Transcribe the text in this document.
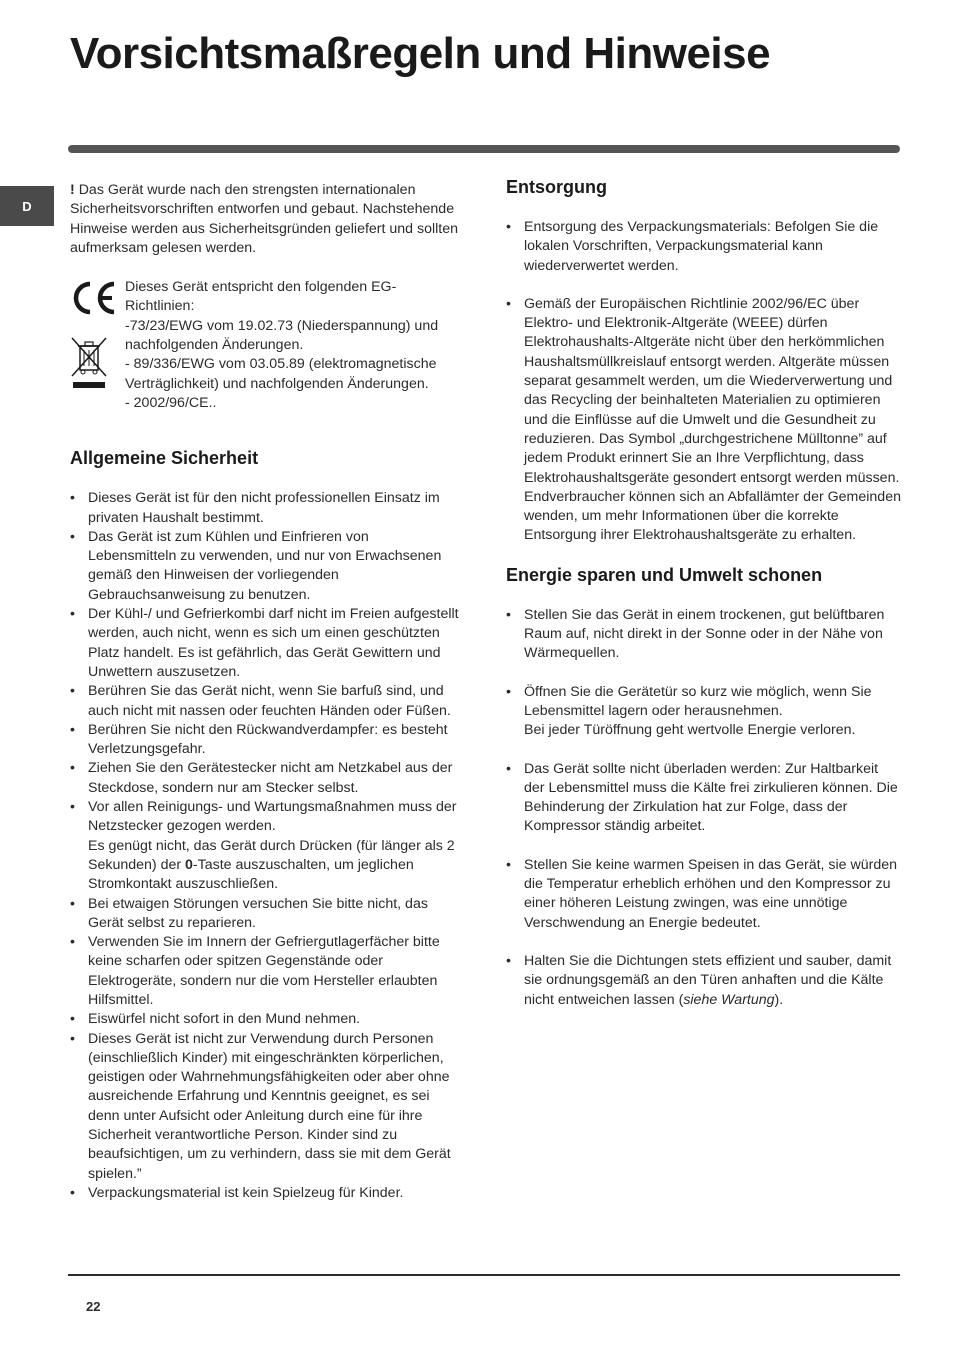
Vorsichtsmaßregeln und Hinweise
D

! Das Gerät wurde nach den strengsten internationalen Sicherheitsvorschriften entworfen und gebaut. Nachstehende Hinweise werden aus Sicherheitsgründen geliefert und sollten aufmerksam gelesen werden.

Dieses Gerät entspricht den folgenden EG-Richtlinien:
-73/23/EWG vom 19.02.73 (Niederspannung) und nachfolgenden Änderungen.
- 89/336/EWG vom 03.05.89 (elektromagnetische Verträglichkeit) und nachfolgenden Änderungen.
- 2002/96/CE..
Allgemeine Sicherheit
• Dieses Gerät ist für den nicht professionellen Einsatz im privaten Haushalt bestimmt.
• Das Gerät ist zum Kühlen und Einfrieren von Lebensmitteln zu verwenden, und nur von Erwachsenen gemäß den Hinweisen der vorliegenden Gebrauchsanweisung zu benutzen.
• Der Kühl-/ und Gefrierkombi darf nicht im Freien aufgestellt werden, auch nicht, wenn es sich um einen geschützten Platz handelt. Es ist gefährlich, das Gerät Gewittern und Unwettern auszusetzen.
• Berühren Sie das Gerät nicht, wenn Sie barfuß sind, und auch nicht mit nassen oder feuchten Händen oder Füßen.
• Berühren Sie nicht den Rückwandverdampfer: es besteht Verletzungsgefahr.
• Ziehen Sie den Gerätestecker nicht am Netzkabel aus der Steckdose, sondern nur am Stecker selbst.
• Vor allen Reinigungs- und Wartungsmaßnahmen muss der Netzstecker gezogen werden.
Es genügt nicht, das Gerät durch Drücken (für länger als 2 Sekunden) der 0-Taste auszuschalten, um jeglichen Stromkontakt auszuschließen.
• Bei etwaigen Störungen versuchen Sie bitte nicht, das Gerät selbst zu reparieren.
• Verwenden Sie im Innern der Gefriergutlagerfächer bitte keine scharfen oder spitzen Gegenstände oder Elektrogeräte, sondern nur die vom Hersteller erlaubten Hilfsmittel.
• Eiswürfel nicht sofort in den Mund nehmen.
• Dieses Gerät ist nicht zur Verwendung durch Personen (einschließlich Kinder) mit eingeschränkten körperlichen, geistigen oder Wahrnehmungsfähigkeiten oder aber ohne ausreichende Erfahrung und Kenntnis geeignet, es sei denn unter Aufsicht oder Anleitung durch eine für ihre Sicherheit verantwortliche Person. Kinder sind zu beaufsichtigen, um zu verhindern, dass sie mit dem Gerät spielen.”
• Verpackungsmaterial ist kein Spielzeug für Kinder.
Entsorgung
• Entsorgung des Verpackungsmaterials: Befolgen Sie die lokalen Vorschriften, Verpackungsmaterial kann wiederverwertet werden.
• Gemäß der Europäischen Richtlinie 2002/96/EC über Elektro- und Elektronik-Altgeräte (WEEE) dürfen Elektrohaushalts-Altgeräte nicht über den herkömmlichen Haushaltsmüllkreislauf entsorgt werden. Altgeräte müssen separat gesammelt werden, um die Wiederverwertung und das Recycling der beinhalteten Materialien zu optimieren und die Einflüsse auf die Umwelt und die Gesundheit zu reduzieren. Das Symbol „durchgestrichene Mülltonne” auf jedem Produkt erinnert Sie an Ihre Verpflichtung, dass Elektrohaushaltsgeräte gesondert entsorgt werden müssen. Endverbraucher können sich an Abfallämter der Gemeinden wenden, um mehr Informationen über die korrekte Entsorgung ihrer Elektrohaushaltsgeräte zu erhalten.
Energie sparen und Umwelt schonen
• Stellen Sie das Gerät in einem trockenen, gut belüftbaren Raum auf, nicht direkt in der Sonne oder in der Nähe von Wärmequellen.
• Öffnen Sie die Gerätetür so kurz wie möglich, wenn Sie Lebensmittel lagern oder herausnehmen.
Bei jeder Türöffnung geht wertvolle Energie verloren.
• Das Gerät sollte nicht überladen werden: Zur Haltbarkeit der Lebensmittel muss die Kälte frei zirkulieren können. Die Behinderung der Zirkulation hat zur Folge, dass der Kompressor ständig arbeitet.
• Stellen Sie keine warmen Speisen in das Gerät, sie würden die Temperatur erheblich erhöhen und den Kompressor zu einer höheren Leistung zwingen, was eine unnötige Verschwendung an Energie bedeutet.
• Halten Sie die Dichtungen stets effizient und sauber, damit sie ordnungsgemäß an den Türen anhaften und die Kälte nicht entweichen lassen (siehe Wartung).
22
